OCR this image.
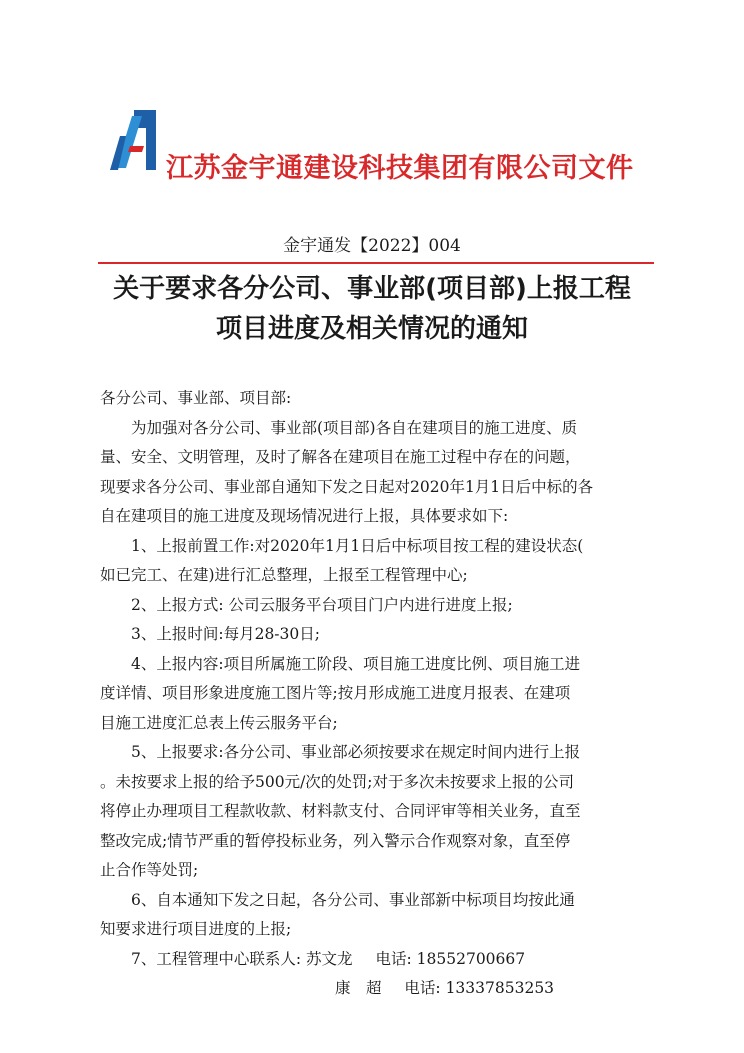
江苏金宇通建设科技集团有限公司文件
金宇通发【2022】004
关于要求各分公司、事业部(项目部)上报工程
项目进度及相关情况的通知
各分公司、事业部、项目部:
为加强对各分公司、事业部(项目部)各自在建项目的施工进度、质
量、安全、文明管理，及时了解各在建项目在施工过程中存在的问题，
现要求各分公司、事业部自通知下发之日起对2020年1月1日后中标的各
自在建项目的施工进度及现场情况进行上报，具体要求如下:
1、上报前置工作:对2020年1月1日后中标项目按工程的建设状态(
如已完工、在建)进行汇总整理，上报至工程管理中心;
2、上报方式: 公司云服务平台项目门户内进行进度上报;
3、上报时间:每月28-30日;
4、上报内容:项目所属施工阶段、项目施工进度比例、项目施工进
度详情、项目形象进度施工图片等;按月形成施工进度月报表、在建项
目施工进度汇总表上传云服务平台;
5、上报要求:各分公司、事业部必须按要求在规定时间内进行上报
。未按要求上报的给予500元/次的处罚;对于多次未按要求上报的公司
将停止办理项目工程款收款、材料款支付、合同评审等相关业务，直至
整改完成;情节严重的暂停投标业务，列入警示合作观察对象，直至停
止合作等处罚;
6、自本通知下发之日起，各分公司、事业部新中标项目均按此通
知要求进行项目进度的上报;
7、工程管理中心联系人: 苏文龙 电话: 18552700667
康　超 电话: 13337853253
